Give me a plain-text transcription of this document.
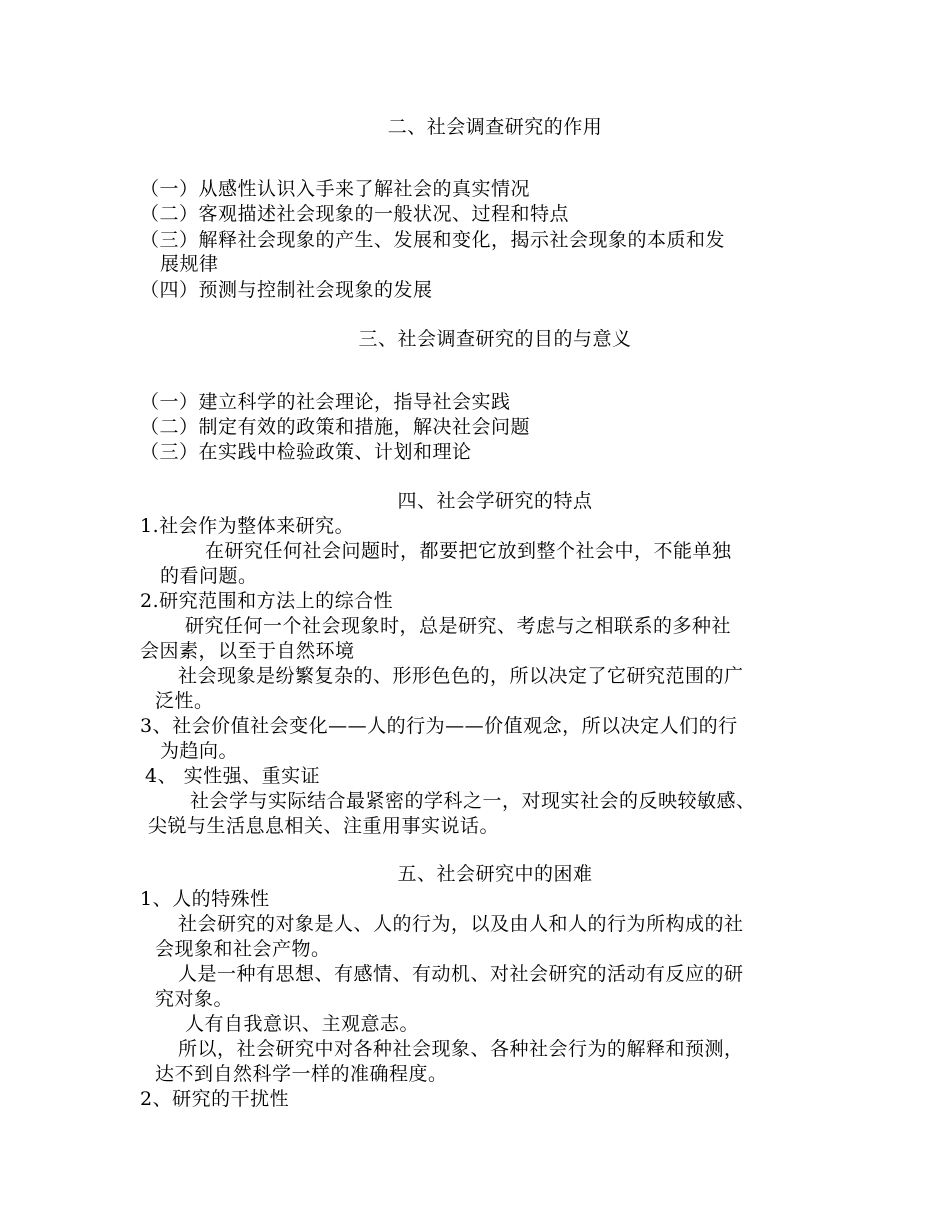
二、社会调查研究的作用
（一）从感性认识入手来了解社会的真实情况
（二）客观描述社会现象的一般状况、过程和特点
（三）解释社会现象的产生、发展和变化，揭示社会现象的本质和发
展规律
（四）预测与控制社会现象的发展
三、社会调查研究的目的与意义
（一）建立科学的社会理论，指导社会实践
（二）制定有效的政策和措施，解决社会问题
（三）在实践中检验政策、计划和理论
四、社会学研究的特点
1.社会作为整体来研究。
在研究任何社会问题时，都要把它放到整个社会中，不能单独
的看问题。
2.研究范围和方法上的综合性
研究任何一个社会现象时，总是研究、考虑与之相联系的多种社
会因素，以至于自然环境
社会现象是纷繁复杂的、形形色色的，所以决定了它研究范围的广
泛性。
3、社会价值社会变化——人的行为——价值观念，所以决定人们的行
为趋向。
4、 实性强、重实证
社会学与实际结合最紧密的学科之一，对现实社会的反映较敏感、
尖锐与生活息息相关、注重用事实说话。
五、社会研究中的困难
1、人的特殊性
社会研究的对象是人、人的行为，以及由人和人的行为所构成的社
会现象和社会产物。
人是一种有思想、有感情、有动机、对社会研究的活动有反应的研
究对象。
人有自我意识、主观意志。
所以，社会研究中对各种社会现象、各种社会行为的解释和预测，
达不到自然科学一样的准确程度。
2、研究的干扰性
